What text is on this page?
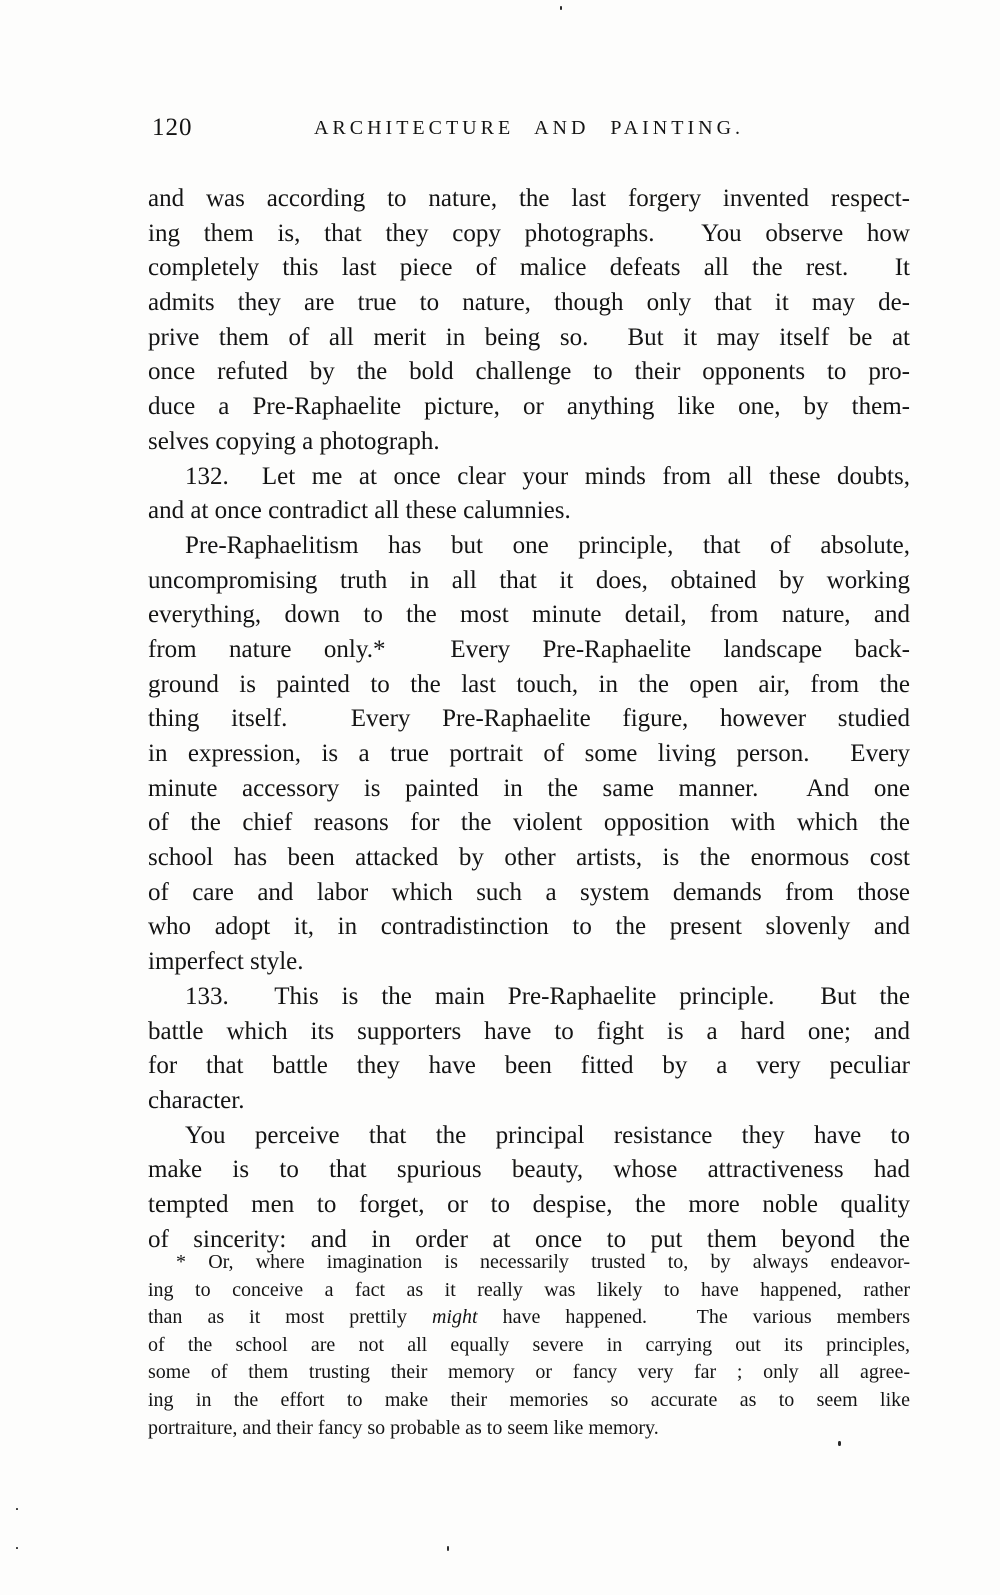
120	ARCHITECTURE AND PAINTING.
and was according to nature, the last forgery invented respect-
ing them is, that they copy photographs.  You observe how
completely this last piece of malice defeats all the rest.  It
admits they are true to nature, though only that it may de-
prive them of all merit in being so.  But it may itself be at
once refuted by the bold challenge to their opponents to pro-
duce a Pre-Raphaelite picture, or anything like one, by them-
selves copying a photograph.
132.  Let me at once clear your minds from all these doubts,
and at once contradict all these calumnies.
Pre-Raphaelitism has but one principle, that of absolute,
uncompromising truth in all that it does, obtained by working
everything, down to the most minute detail, from nature, and
from nature only.*  Every Pre-Raphaelite landscape back-
ground is painted to the last touch, in the open air, from the
thing itself.  Every Pre-Raphaelite figure, however studied
in expression, is a true portrait of some living person.  Every
minute accessory is painted in the same manner.  And one
of the chief reasons for the violent opposition with which the
school has been attacked by other artists, is the enormous cost
of care and labor which such a system demands from those
who adopt it, in contradistinction to the present slovenly and
imperfect style.
133.  This is the main Pre-Raphaelite principle.  But the
battle which its supporters have to fight is a hard one; and
for that battle they have been fitted by a very peculiar
character.
You perceive that the principal resistance they have to
make is to that spurious beauty, whose attractiveness had
tempted men to forget, or to despise, the more noble quality
of sincerity: and in order at once to put them beyond the
* Or, where imagination is necessarily trusted to, by always endeavor-
ing to conceive a fact as it really was likely to have happened, rather
than as it most prettily might have happened.  The various members
of the school are not all equally severe in carrying out its principles,
some of them trusting their memory or fancy very far ; only all agree-
ing in the effort to make their memories so accurate as to seem like
portraiture, and their fancy so probable as to seem like memory.
